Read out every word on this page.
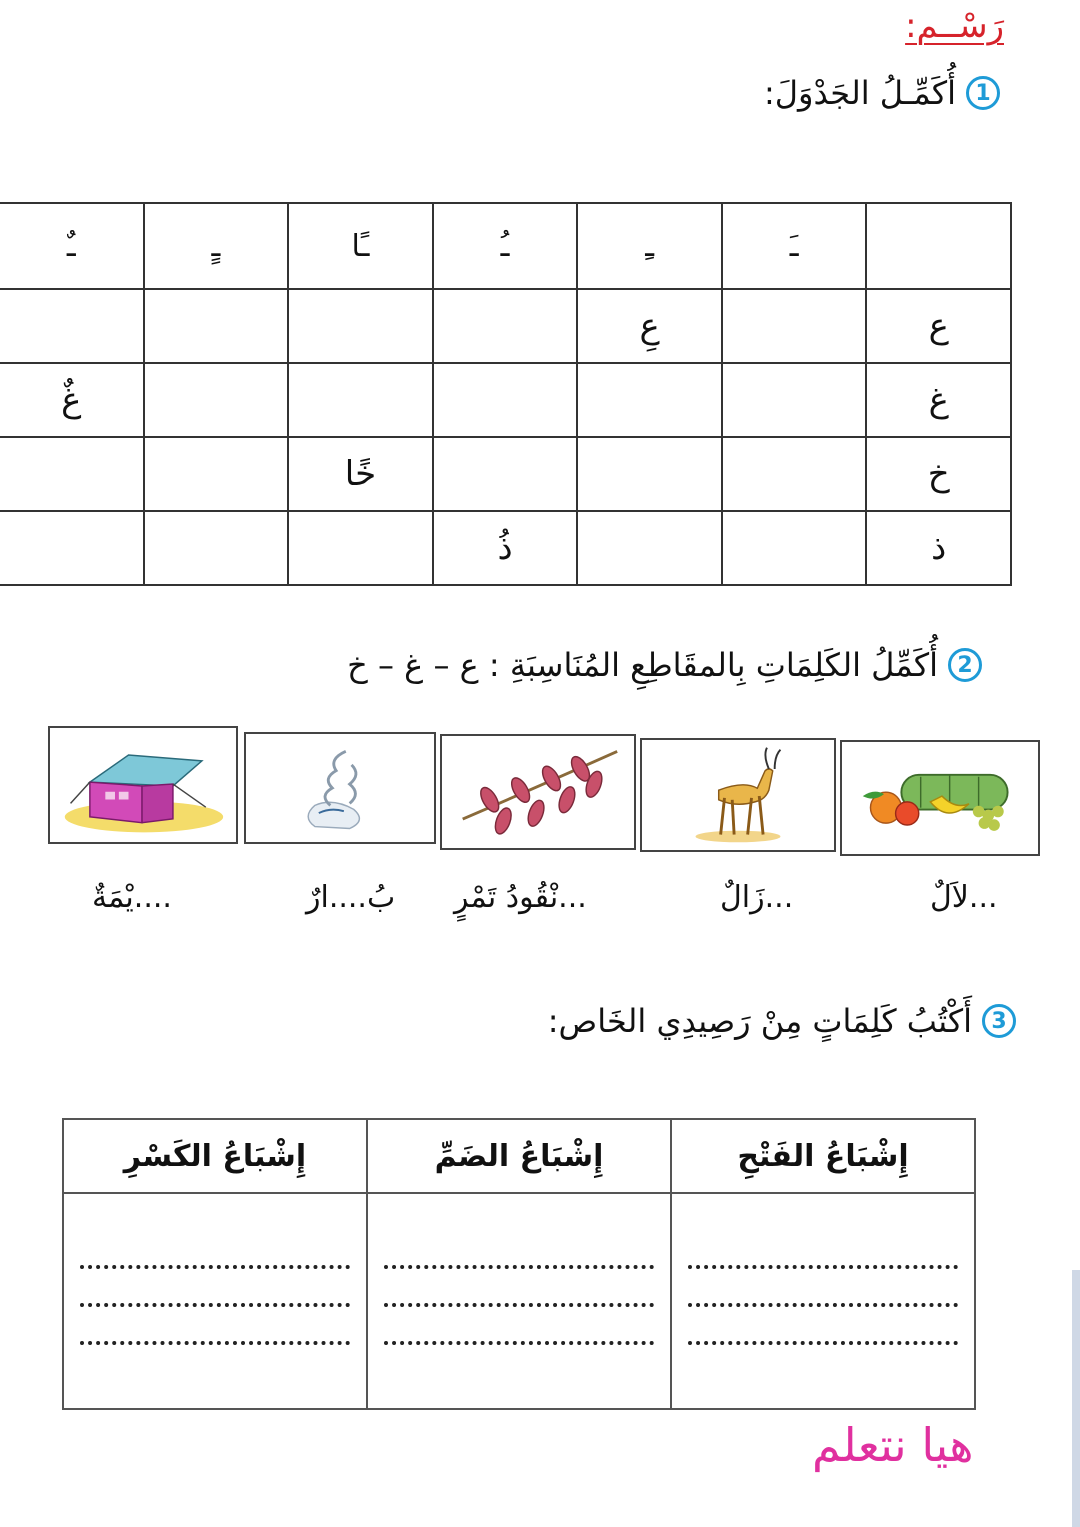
رَسْــم:
1
أُكَمِّـلُ الجَدْوَلَ:
	ـَ	ـِ	ـُ	ـًا	ـٍ	ـٌ
ع		عِ				
غ						غٌ
خ				خًا		
ذ			ذُ			
2
أُكَمِّلُ الكَلِمَاتِ بِالمقَاطِعِ المُنَاسِبَةِ : ع – غ – خ
...لاَلٌ
...زَالٌ
...نْقُودُ تَمْرٍ
بُ....ارٌ
....يْمَةٌ
3
أَكْتُبُ كَلِمَاتٍ مِنْ رَصِيدِي الخَاص:
إِشْبَاعُ الفَتْحِ	إِشْبَاعُ الضَمِّ	إِشْبَاعُ الكَسْرِ

هيا نتعلم
